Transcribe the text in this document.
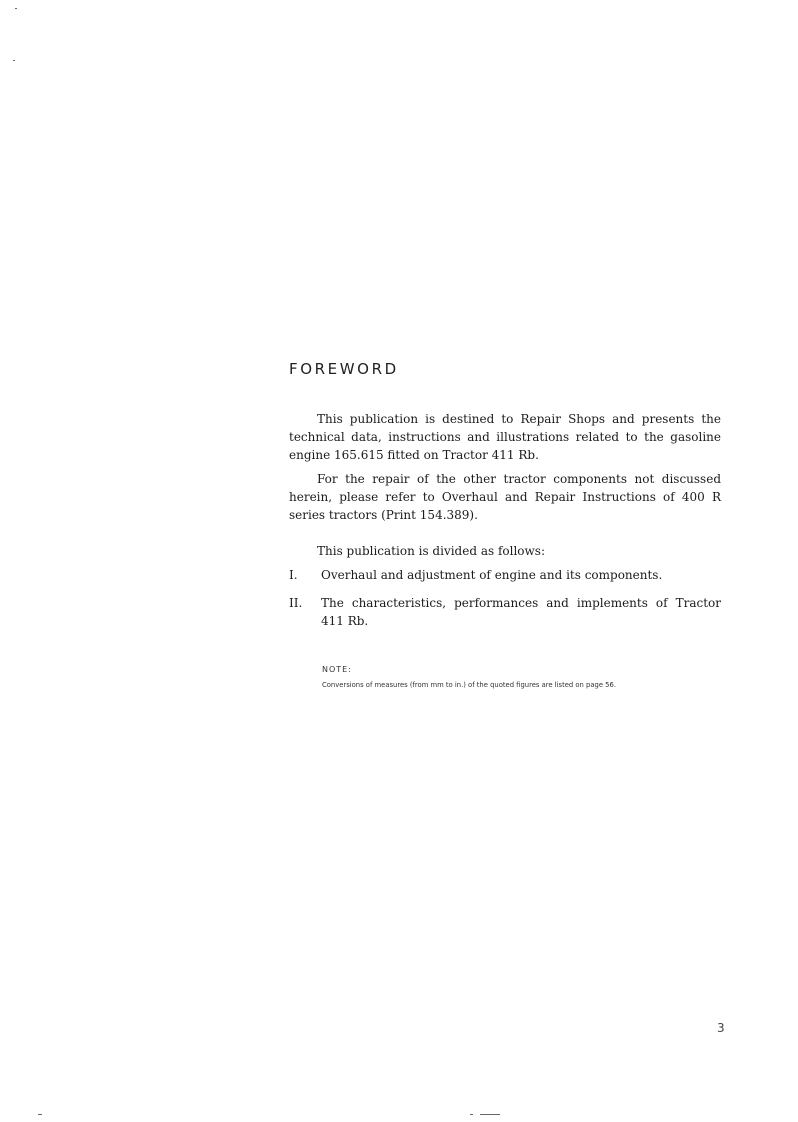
FOREWORD

This publication is destined to Repair Shops and presents the technical data, instructions and illustrations related to the gasoline engine 165.615 fitted on Tractor 411 Rb.

For the repair of the other tractor components not discussed herein, please refer to Overhaul and Repair Instructions of 400 R series tractors (Print 154.389).

This publication is divided as follows:

I. Overhaul and adjustment of engine and its components.

II. The characteristics, performances and implements of Tractor 411 Rb.

NOTE:
Conversions of measures (from mm to in.) of the quoted figures are listed on page 56.
3
